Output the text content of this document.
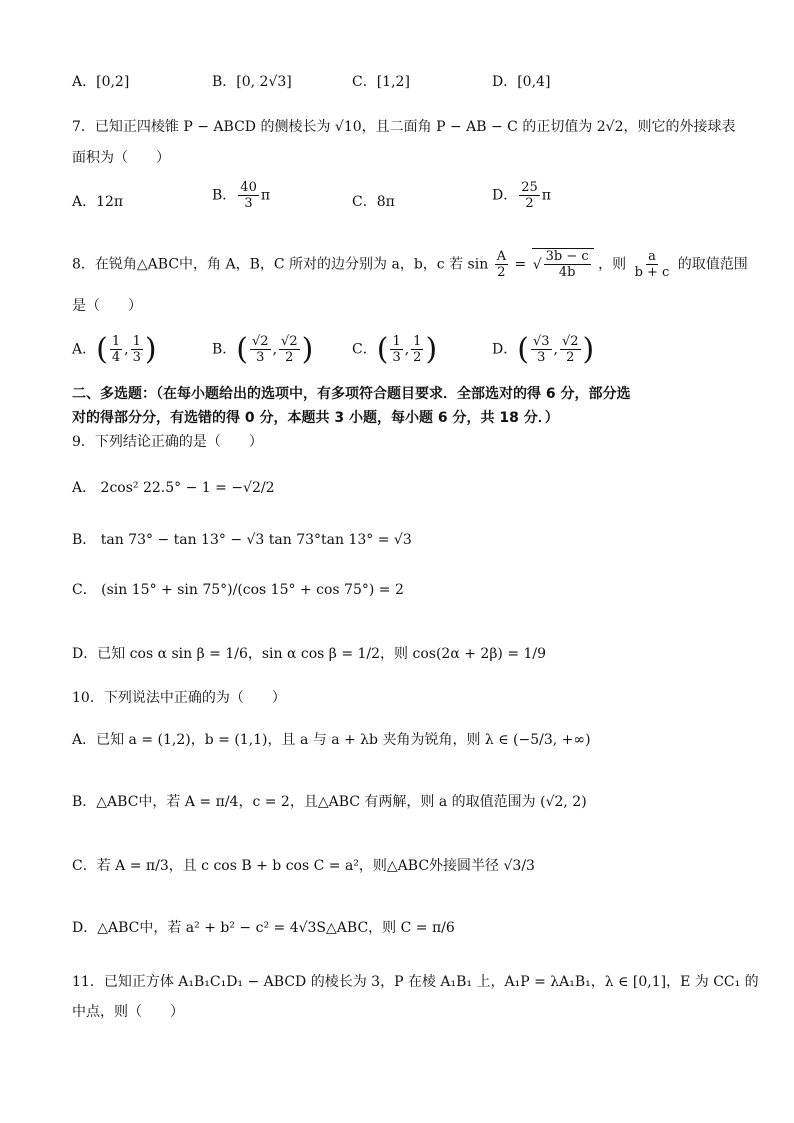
A．[0,2]	B．[0, 2√3]	C．[1,2]	D．[0,4]
7．已知正四棱锥 P − ABCD 的侧棱长为 √10，且二面角 P − AB − C 的正切值为 2√2，则它的外接球表
面积为（　　）
A．12π	B． $\frac{40}{3}$ π	C．8π	D． $\frac{25}{2}$ π
8．在锐角△ABC中，角 A，B，C 所对的边分别为 a，b，c 若 $\sin \frac{A}{2}$ =
√ $\frac{3b - c}{4b}$ ，则 $\frac{a}{b + c}$ 的取值范围
是（　　）
A．( $\frac{1}{4}$ , $\frac{1}{3}$ )	B．( $\frac{√2}{3}$ , $\frac{√2}{2}$ )	C．( $\frac{1}{3}$ , $\frac{1}{2}$ )	D．( $\frac{√3}{3}$ , $\frac{√2}{2}$ )
二、多选题：（在每小题给出的选项中，有多项符合题目要求．全部选对的得 6 分，部分选
对的得部分分，有选错的得 0 分，本题共 3 小题，每小题 6 分，共 18 分．）
9．下列结论正确的是（　　）
A． 2cos² 22.5° − 1 = −√2/2
B． tan 73° − tan 13° − √3 tan 73°tan 13° = √3
C． (sin 15° + sin 75°)/(cos 15° + cos 75°) = 2
D．已知 cos α sin β = 1/6，sin α cos β = 1/2，则 cos(2α + 2β) = 1/9
10．下列说法中正确的为（　　）
A．已知 a = (1,2)，b = (1,1)，且 a 与 a + λb 夹角为锐角，则 λ ∈ (−5/3, +∞)
B．△ABC中，若 A = π/4，c = 2，且△ABC 有两解，则 a 的取值范围为 (√2, 2)
C．若 A = π/3，且 c cos B + b cos C = a²，则△ABC外接圆半径 √3/3
D．△ABC中，若 a² + b² − c² = 4√3S△ABC，则 C = π/6
11．已知正方体 A₁B₁C₁D₁ − ABCD 的棱长为 3，P 在棱 A₁B₁ 上，A₁P = λA₁B₁，λ ∈ [0,1]，E 为 CC₁ 的
中点，则（　　）
